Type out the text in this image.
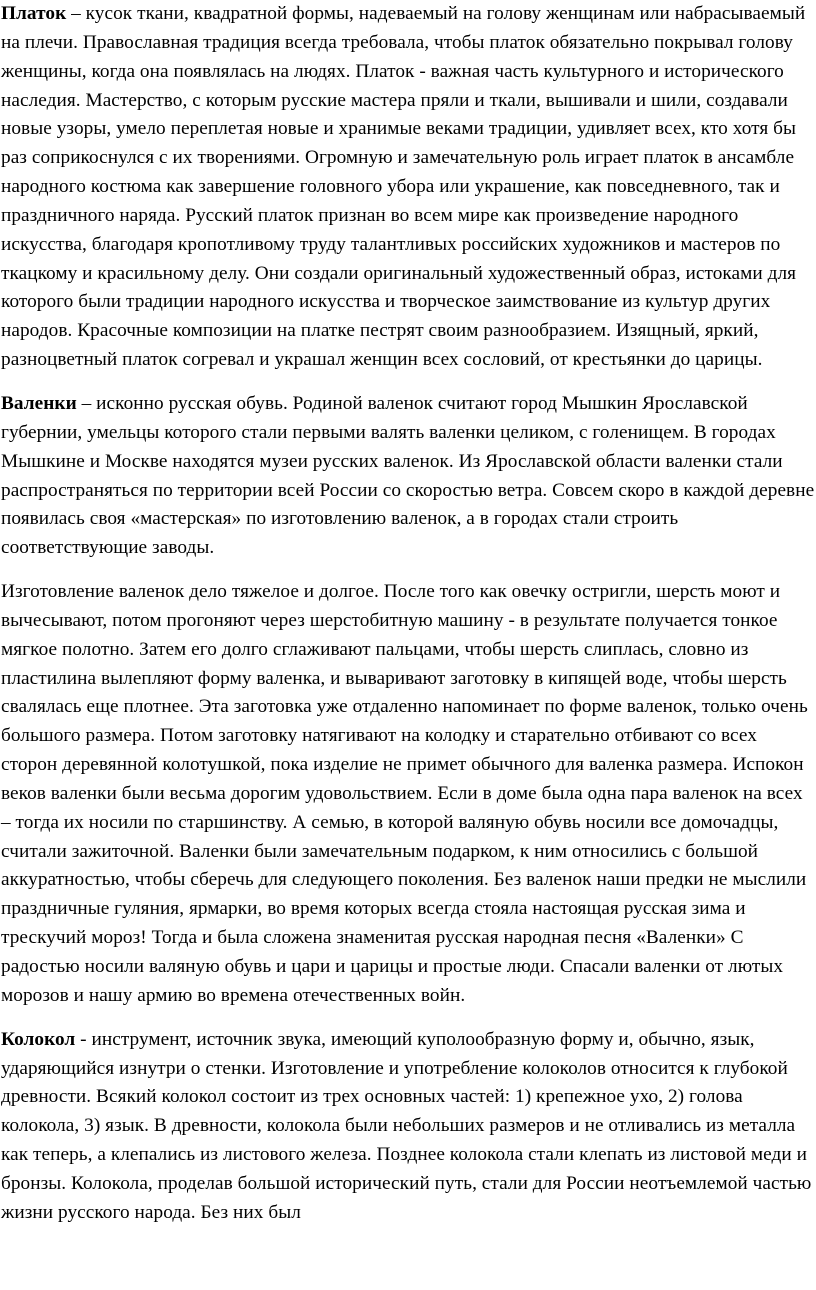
Платок – кусок ткани, квадратной формы, надеваемый на голову женщинам или набрасываемый на плечи. Православная традиция всегда требовала, чтобы платок обязательно покрывал голову женщины, когда она появлялась на людях. Платок - важная часть культурного и исторического наследия. Мастерство, с которым русские мастера пряли и ткали, вышивали и шили, создавали новые узоры, умело переплетая новые и хранимые веками традиции, удивляет всех, кто хотя бы раз соприкоснулся с их творениями. Огромную и замечательную роль играет платок в ансамбле народного костюма как завершение головного убора или украшение, как повседневного, так и праздничного наряда. Русский платок признан во всем мире как произведение народного искусства, благодаря кропотливому труду талантливых российских художников и мастеров по ткацкому и красильному делу. Они создали оригинальный художественный образ, истоками для которого были традиции народного искусства и творческое заимствование из культур других народов. Красочные композиции на платке пестрят своим разнообразием. Изящный, яркий, разноцветный платок согревал и украшал женщин всех сословий, от крестьянки до царицы.

Валенки – исконно русская обувь. Родиной валенок считают город Мышкин Ярославской губернии, умельцы которого стали первыми валять валенки целиком, с голенищем. В городах Мышкине и Москве находятся музеи русских валенок. Из Ярославской области валенки стали распространяться по территории всей России со скоростью ветра. Совсем скоро в каждой деревне появилась своя «мастерская» по изготовлению валенок, а в городах стали строить соответствующие заводы.

Изготовление валенок дело тяжелое и долгое. После того как овечку остригли, шерсть моют и вычесывают, потом прогоняют через шерстобитную машину - в результате получается тонкое мягкое полотно. Затем его долго сглаживают пальцами, чтобы шерсть слиплась, словно из пластилина вылепляют форму валенка, и вываривают заготовку в кипящей воде, чтобы шерсть свалялась еще плотнее. Эта заготовка уже отдаленно напоминает по форме валенок, только очень большого размера. Потом заготовку натягивают на колодку и старательно отбивают со всех сторон деревянной колотушкой, пока изделие не примет обычного для валенка размера. Испокон веков валенки были весьма дорогим удовольствием. Если в доме была одна пара валенок на всех – тогда их носили по старшинству. А семью, в которой валяную обувь носили все домочадцы, считали зажиточной. Валенки были замечательным подарком, к ним относились с большой аккуратностью, чтобы сберечь для следующего поколения. Без валенок наши предки не мыслили праздничные гуляния, ярмарки, во время которых всегда стояла настоящая русская зима и трескучий мороз! Тогда и была сложена знаменитая русская народная песня «Валенки» С радостью носили валяную обувь и цари и царицы и простые люди. Спасали валенки от лютых морозов и нашу армию во времена отечественных войн.

Колокол - инструмент, источник звука, имеющий куполообразную форму и, обычно, язык, ударяющийся изнутри о стенки. Изготовление и употребление колоколов относится к глубокой древности. Всякий колокол состоит из трех основных частей: 1) крепежное ухо, 2) голова колокола, 3) язык. В древности, колокола были небольших размеров и не отливались из металла как теперь, а клепались из листового железа. Позднее колокола стали клепать из листовой меди и бронзы. Колокола, проделав большой исторический путь, стали для России неотъемлемой частью жизни русского народа. Без них был
